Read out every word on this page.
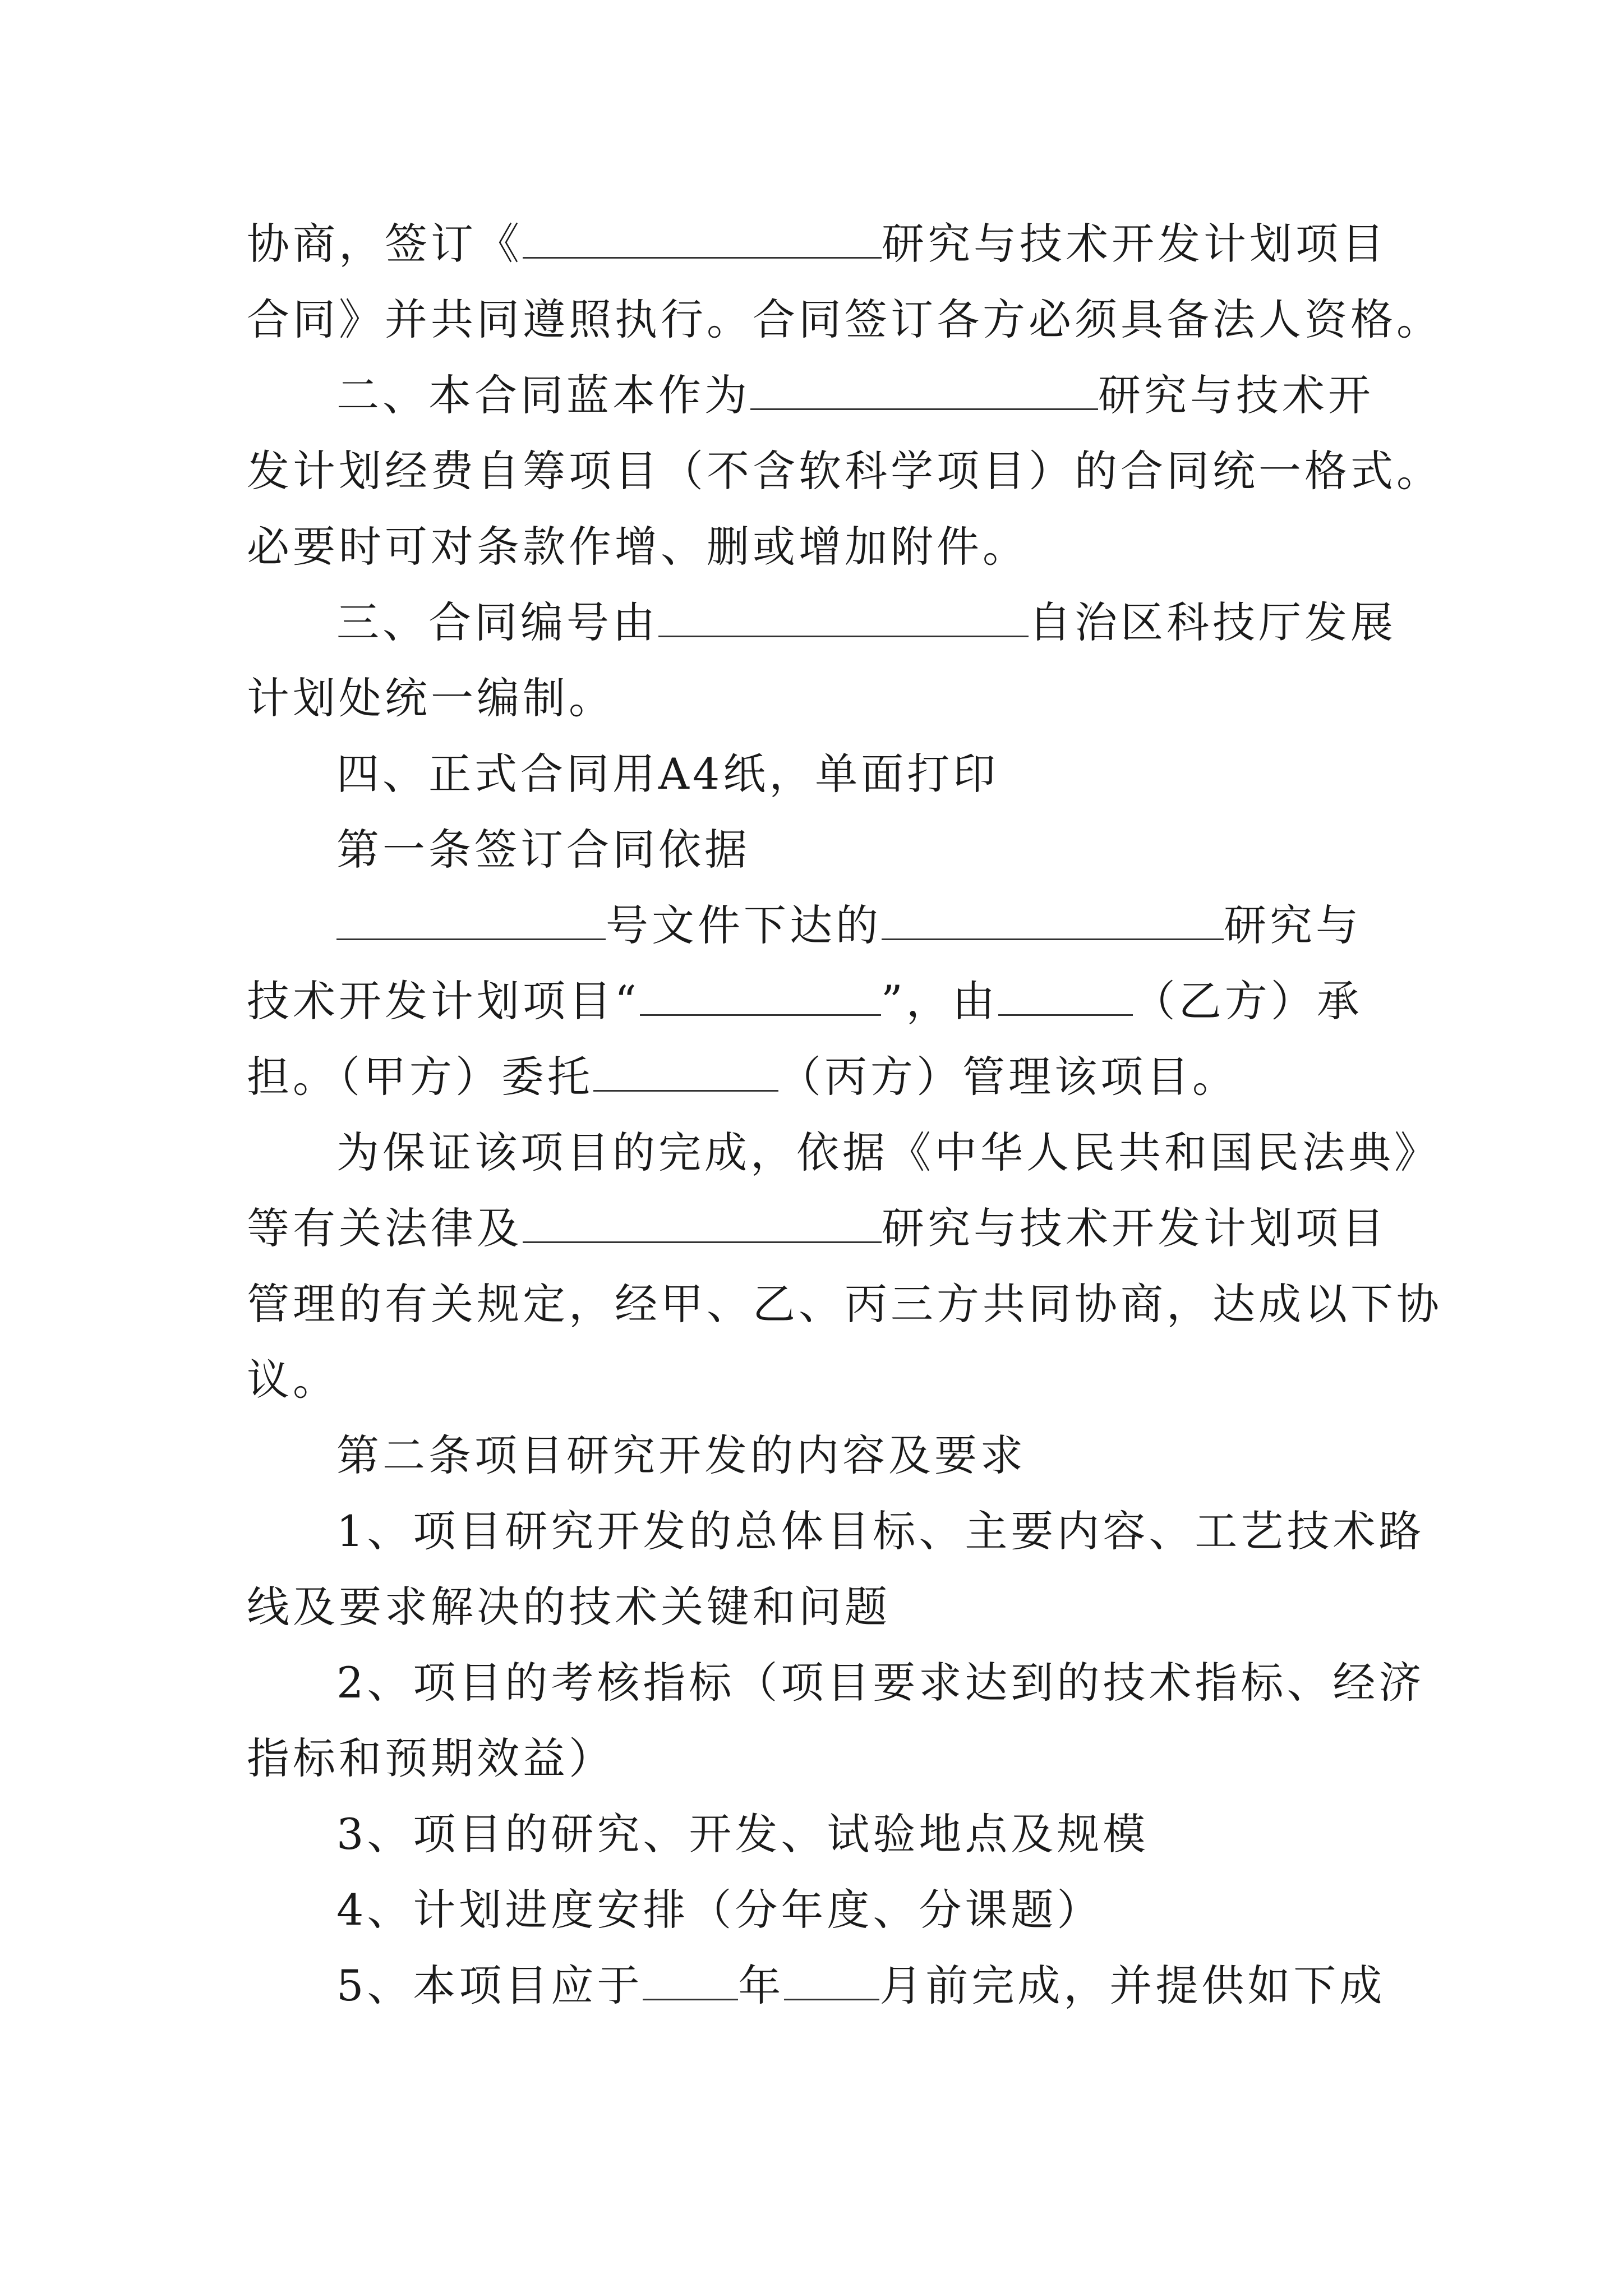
协商，签订《	研究与技术开发计划项目
合同》并共同遵照执行。合同签订各方必须具备法人资格。
二、本合同蓝本作为	研究与技术开
发计划经费自筹项目（不含软科学项目）的合同统一格式。
必要时可对条款作增、删或增加附件。
三、合同编号由	自治区科技厅发展
计划处统一编制。
四、正式合同用A4纸，单面打印
第一条签订合同依据
号文件下达的	研究与
技术开发计划项目“	”，由	（乙方）承
担。（甲方）委托	（丙方）管理该项目。
为保证该项目的完成，依据《中华人民共和国民法典》
等有关法律及	研究与技术开发计划项目
管理的有关规定，经甲、乙、丙三方共同协商，达成以下协
议。
第二条项目研究开发的内容及要求
1、项目研究开发的总体目标、主要内容、工艺技术路
线及要求解决的技术关键和问题
2、项目的考核指标（项目要求达到的技术指标、经济
指标和预期效益）
3、项目的研究、开发、试验地点及规模
4、计划进度安排（分年度、分课题）
5、本项目应于 年 月前完成，并提供如下成
